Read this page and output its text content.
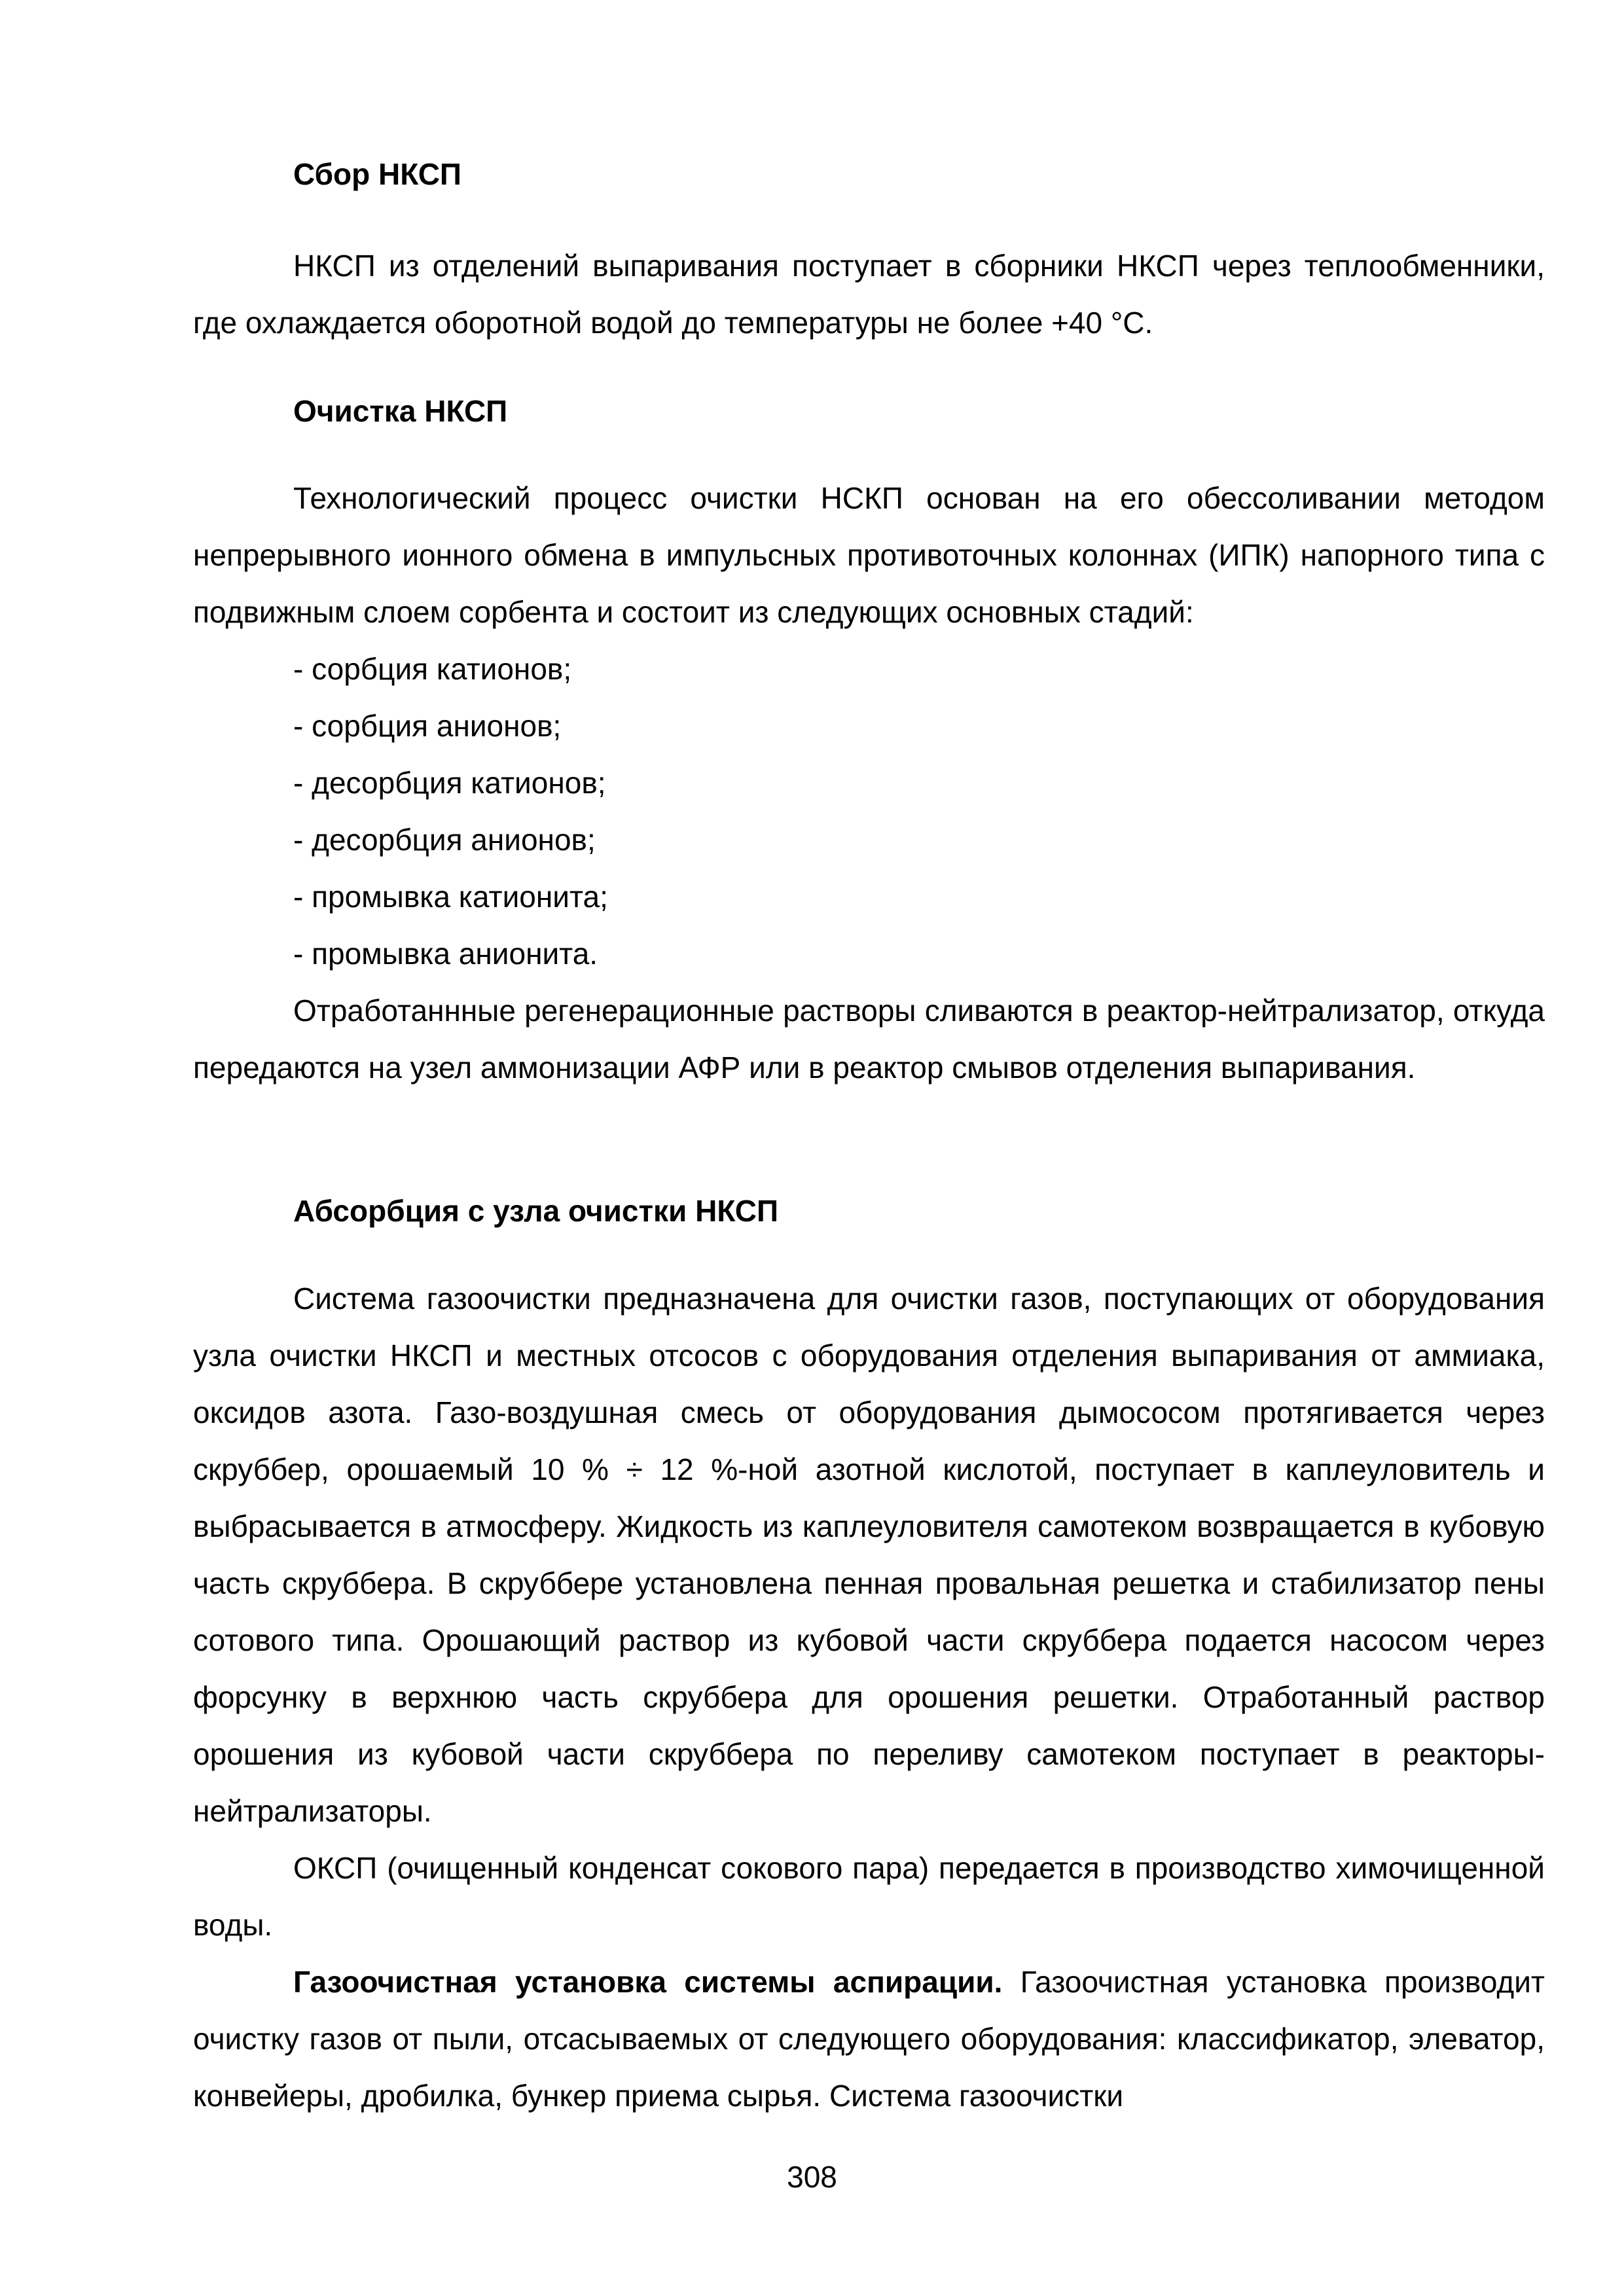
Сбор НКСП

НКСП из отделений выпаривания поступает в сборники НКСП через теплообменники, где охлаждается оборотной водой до температуры не более +40 °С.

Очистка НКСП

Технологический процесс очистки НСКП основан на его обессоливании методом непрерывного ионного обмена в импульсных противоточных колоннах (ИПК) напорного типа с подвижным слоем сорбента и состоит из следующих основных стадий:

- сорбция катионов;

- сорбция анионов;

- десорбция катионов;

- десорбция анионов;

- промывка катионита;

- промывка анионита.

Отработаннные регенерационные растворы сливаются в реактор-нейтрализатор, откуда передаются на узел аммонизации АФР или в реактор смывов отделения выпаривания.

Абсорбция с узла очистки НКСП

Система газоочистки предназначена для очистки газов, поступающих от оборудования узла очистки НКСП и местных отсосов с оборудования отделения выпаривания от аммиака, оксидов азота. Газо-воздушная смесь от оборудования дымососом протягивается через скруббер, орошаемый 10 % ÷ 12 %-ной азотной кислотой, поступает в каплеуловитель и выбрасывается в атмосферу. Жидкость из каплеуловителя самотеком возвращается в кубовую часть скруббера. В скруббере установлена пенная провальная решетка и стабилизатор пены сотового типа. Орошающий раствор из кубовой части скруббера подается насосом через форсунку в верхнюю часть скруббера для орошения решетки. Отработанный раствор орошения из кубовой части скруббера по переливу самотеком поступает в реакторы-нейтрализаторы.

ОКСП (очищенный конденсат сокового пара) передается в производство химочищенной воды.

Газоочистная установка системы аспирации. Газоочистная установка производит очистку газов от пыли, отсасываемых от следующего оборудования: классификатор, элеватор, конвейеры, дробилка, бункер приема сырья. Система газоочистки

308
